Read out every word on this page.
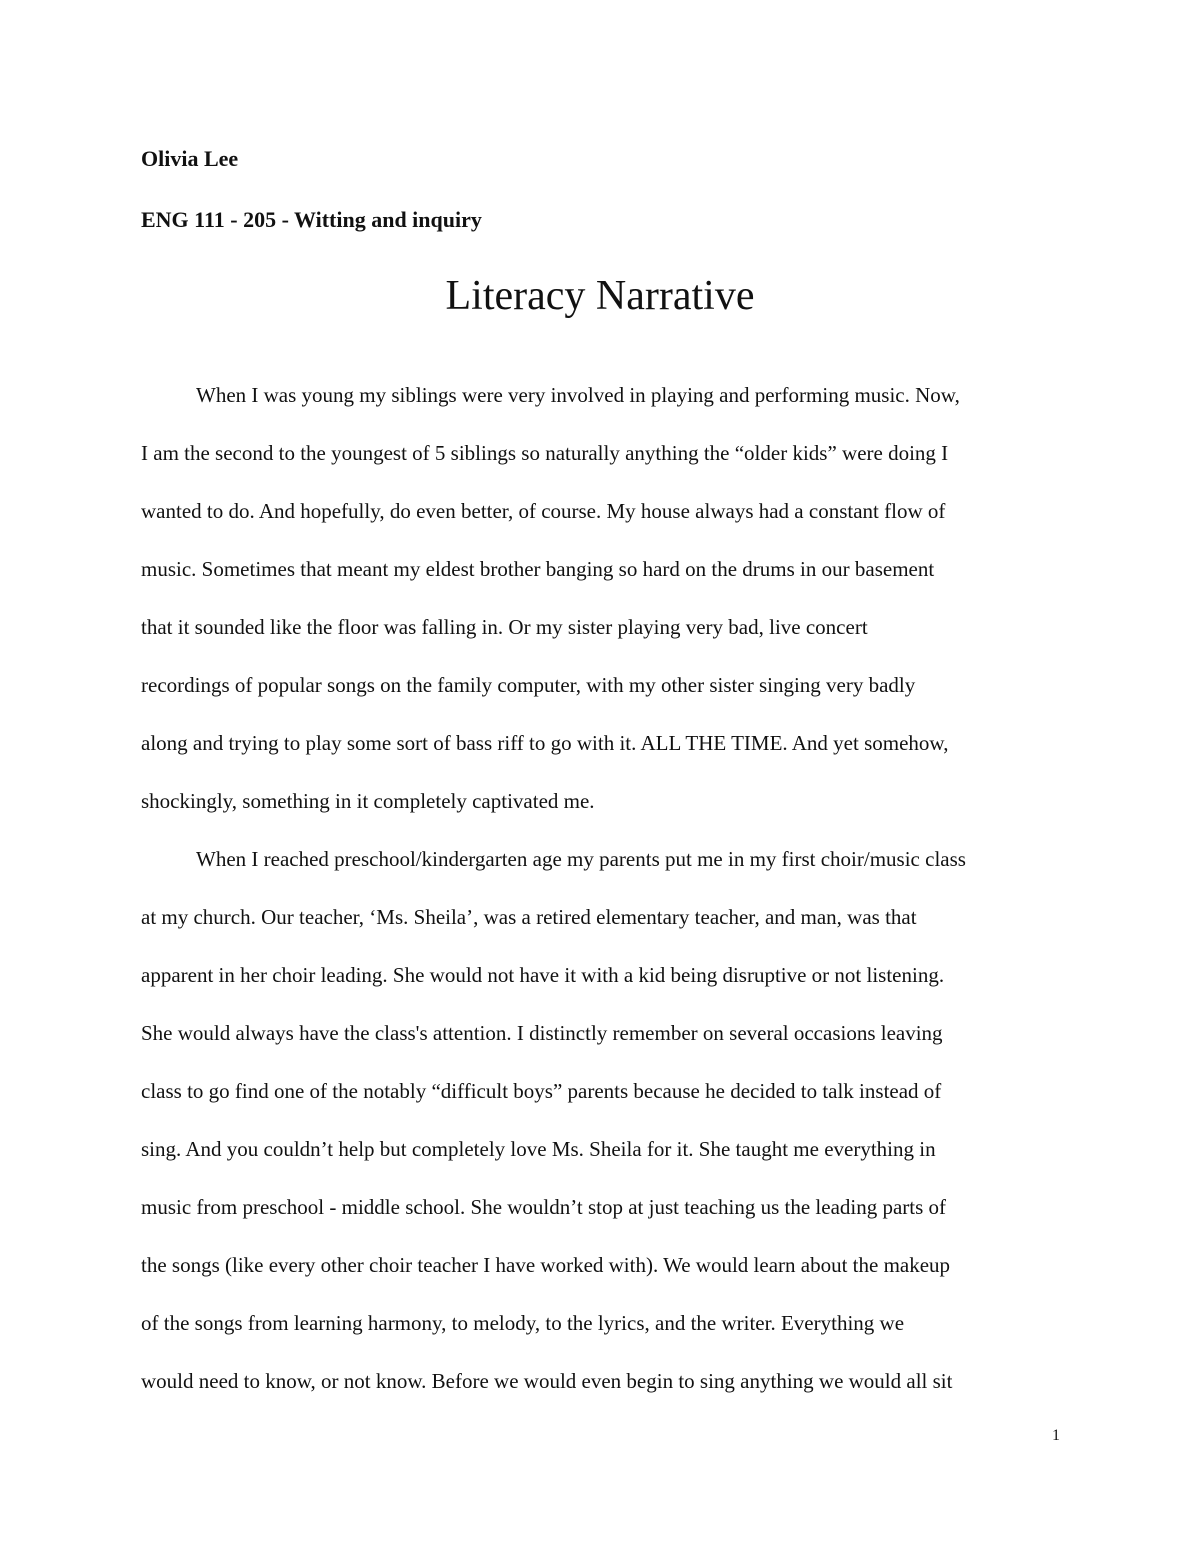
Olivia Lee
ENG 111 - 205 - Witting and inquiry
Literacy Narrative
When I was young my siblings were very involved in playing and performing music. Now,
I am the second to the youngest of 5 siblings so naturally anything the “older kids” were doing I
wanted to do. And hopefully, do even better, of course. My house always had a constant flow of
music. Sometimes that meant my eldest brother banging so hard on the drums in our basement
that it sounded like the floor was falling in. Or my sister playing very bad, live concert
recordings of popular songs on the family computer, with my other sister singing very badly
along and trying to play some sort of bass riff to go with it. ALL THE TIME. And yet somehow,
shockingly, something in it completely captivated me.
When I reached preschool/kindergarten age my parents put me in my first choir/music class
at my church. Our teacher, ‘Ms. Sheila’, was a retired elementary teacher, and man, was that
apparent in her choir leading. She would not have it with a kid being disruptive or not listening.
She would always have the class's attention. I distinctly remember on several occasions leaving
class to go find one of the notably “difficult boys” parents because he decided to talk instead of
sing. And you couldn’t help but completely love Ms. Sheila for it. She taught me everything in
music from preschool - middle school. She wouldn’t stop at just teaching us the leading parts of
the songs (like every other choir teacher I have worked with). We would learn about the makeup
of the songs from learning harmony, to melody, to the lyrics, and the writer. Everything we
would need to know, or not know. Before we would even begin to sing anything we would all sit
1
